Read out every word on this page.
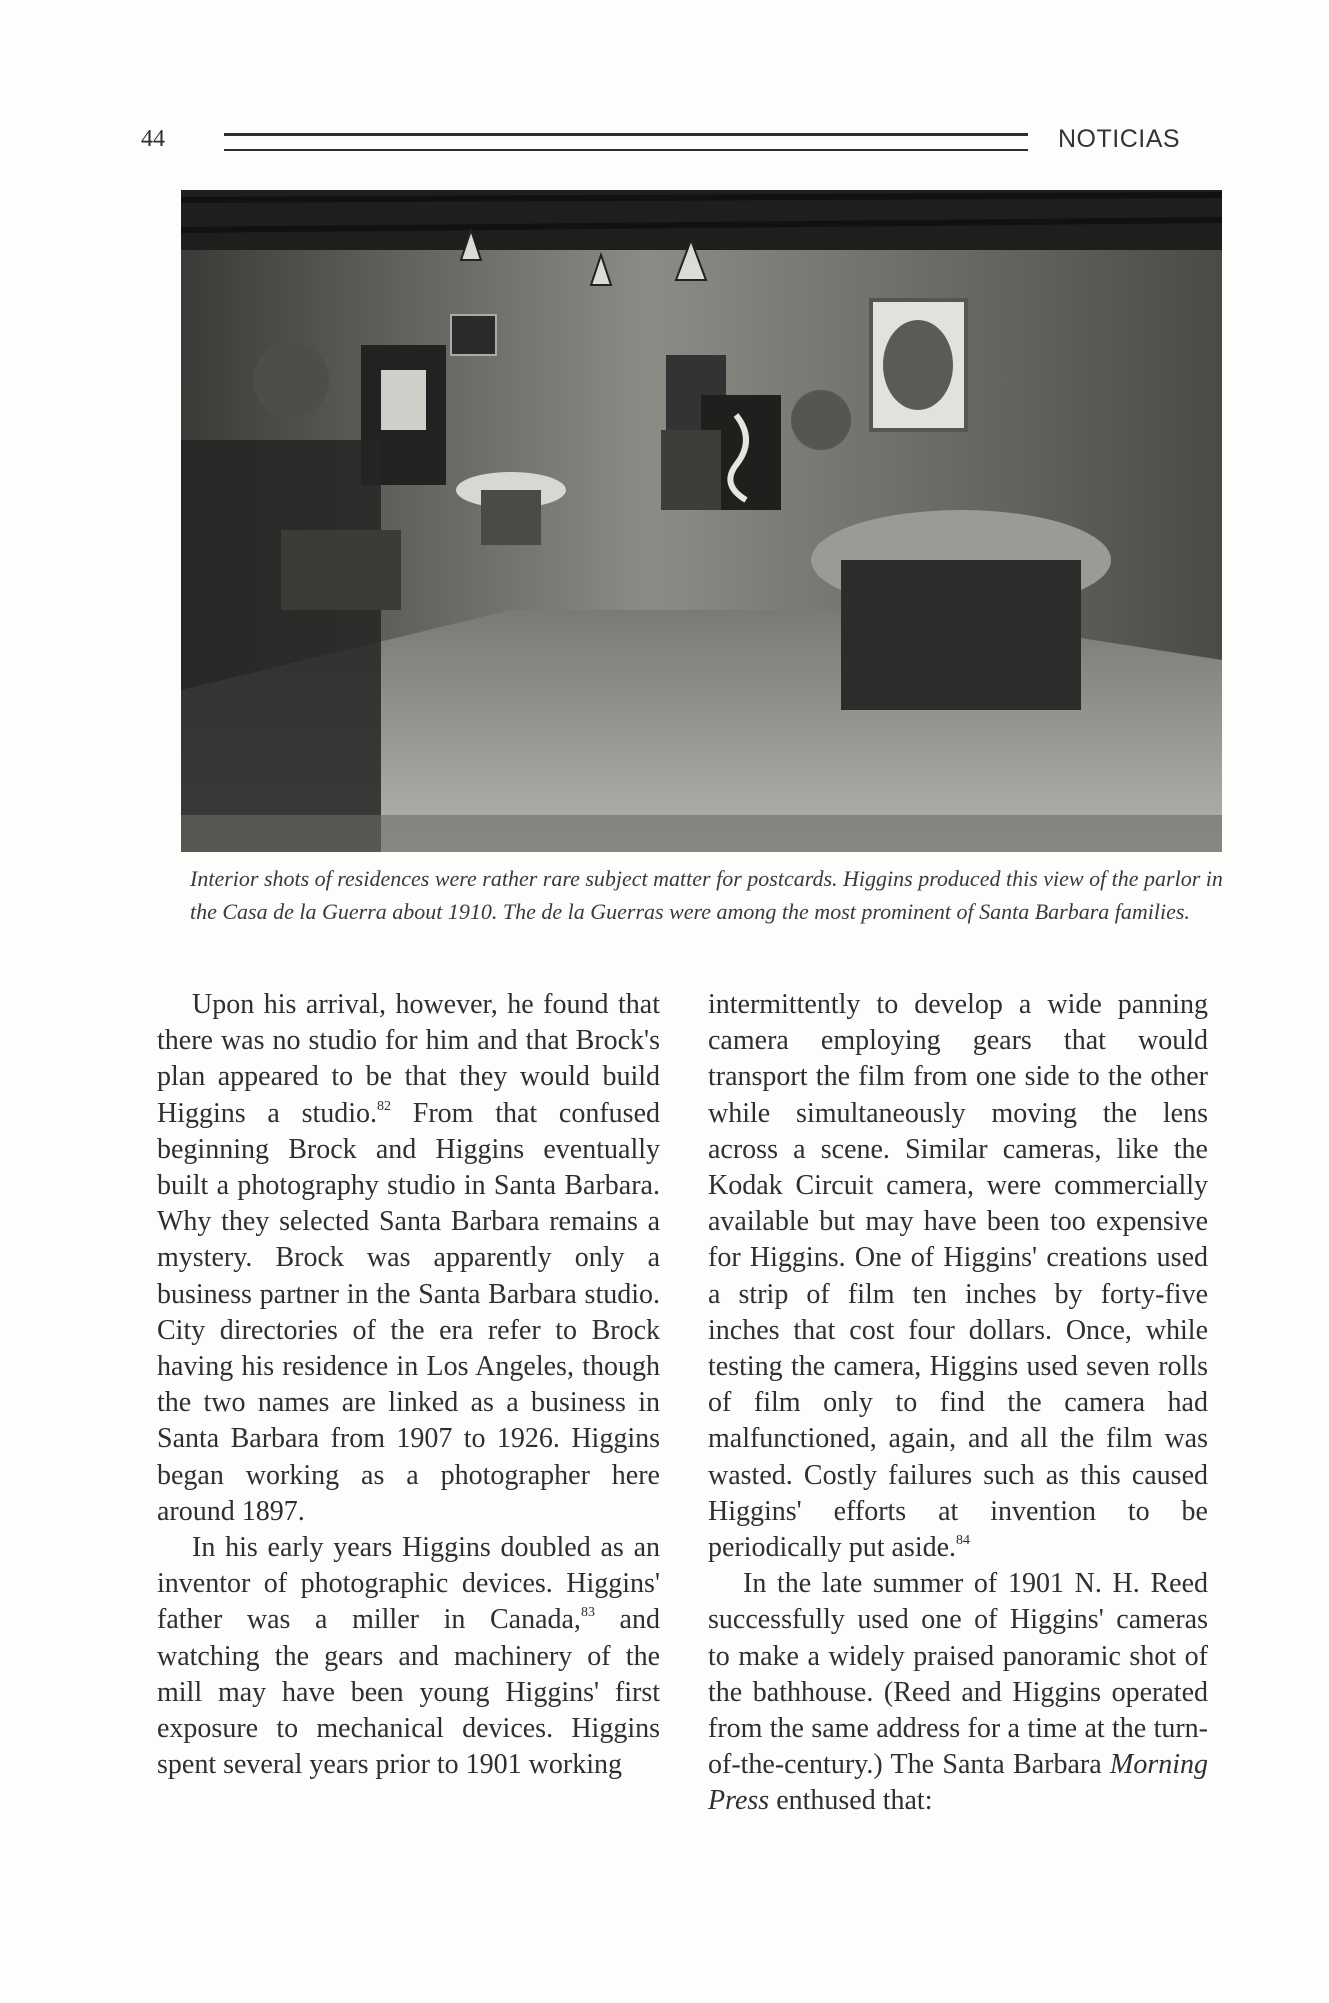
44	NOTICIAS
Interior shots of residences were rather rare subject matter for postcards. Higgins produced this view of the parlor in the Casa de la Guerra about 1910. The de la Guerras were among the most prominent of Santa Barbara families.

Upon his arrival, however, he found that there was no studio for him and that Brock's plan appeared to be that they would build Higgins a studio.$^{82}$ From that confused beginning Brock and Higgins eventually built a photography studio in Santa Barbara. Why they selected Santa Barbara remains a mystery. Brock was apparently only a business partner in the Santa Barbara studio. City directories of the era refer to Brock having his residence in Los Angeles, though the two names are linked as a business in Santa Barbara from 1907 to 1926. Higgins began working as a photographer here around 1897.

In his early years Higgins doubled as an inventor of photographic devices. Higgins' father was a miller in Canada,$^{83}$ and watching the gears and machinery of the mill may have been young Higgins' first exposure to mechanical devices. Higgins spent several years prior to 1901 working

intermittently to develop a wide panning camera employing gears that would transport the film from one side to the other while simultaneously moving the lens across a scene. Similar cameras, like the Kodak Circuit camera, were commercially available but may have been too expensive for Higgins. One of Higgins' creations used a strip of film ten inches by forty-five inches that cost four dollars. Once, while testing the camera, Higgins used seven rolls of film only to find the camera had malfunctioned, again, and all the film was wasted. Costly failures such as this caused Higgins' efforts at invention to be periodically put aside.$^{84}$

In the late summer of 1901 N. H. Reed successfully used one of Higgins' cameras to make a widely praised panoramic shot of the bathhouse. (Reed and Higgins operated from the same address for a time at the turn-of-the-century.) The Santa Barbara Morning Press enthused that:
